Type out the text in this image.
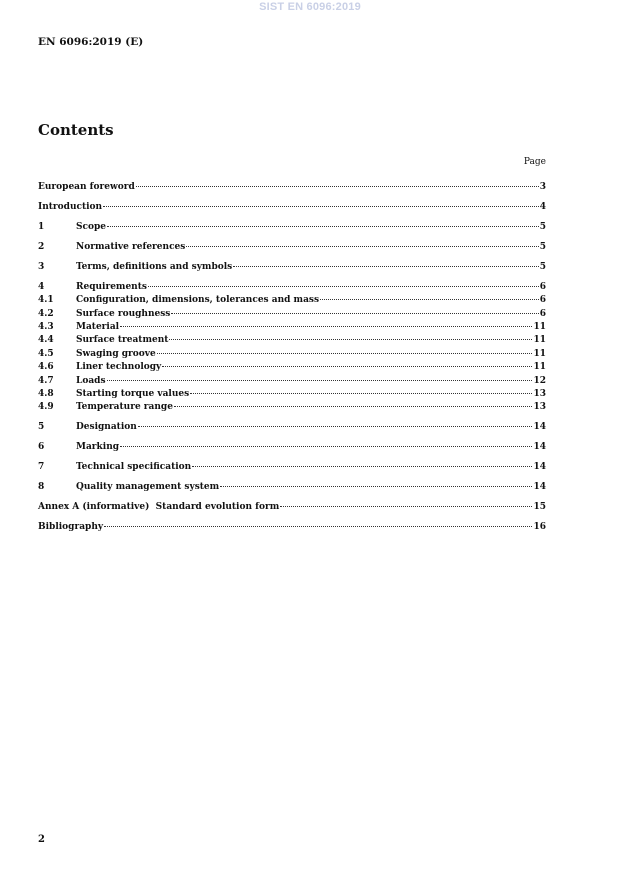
SIST EN 6096:2019
EN 6096:2019 (E)
Contents
Page
European foreword	3
Introduction	4
1	Scope	5
2	Normative references	5
3	Terms, definitions and symbols	5
4	Requirements	6
4.1	Configuration, dimensions, tolerances and mass	6
4.2	Surface roughness	6
4.3	Material	11
4.4	Surface treatment	11
4.5	Swaging groove	11
4.6	Liner technology	11
4.7	Loads	12
4.8	Starting torque values	13
4.9	Temperature range	13
5	Designation	14
6	Marking	14
7	Technical specification	14
8	Quality management system	14
Annex A (informative)  Standard evolution form	15
Bibliography	16
2
